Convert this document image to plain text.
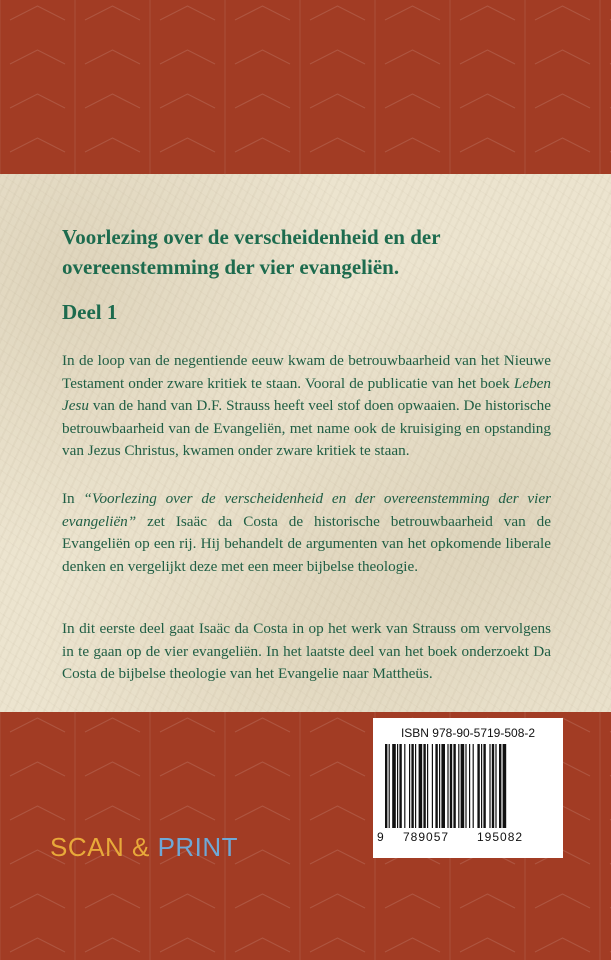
Voorlezing over de verscheidenheid en der overeenstemming der vier evangeliën.
Deel 1

In de loop van de negentiende eeuw kwam de betrouwbaarheid van het Nieuwe Testament onder zware kritiek te staan. Vooral de publicatie van het boek Leben Jesu van de hand van D.F. Strauss heeft veel stof doen opwaaien. De historische betrouwbaarheid van de Evangeliën, met name ook de kruisiging en opstanding van Jezus Christus, kwamen onder zware kritiek te staan.

In “Voorlezing over de verscheidenheid en der overeenstemming der vier evangeliën” zet Isaäc da Costa de historische betrouwbaarheid van de Evangeliën op een rij. Hij behandelt de argumenten van het opkomende liberale denken en vergelijkt deze met een meer bijbelse theologie.

In dit eerste deel gaat Isaäc da Costa in op het werk van Strauss om vervolgens in te gaan op de vier evangeliën. In het laatste deel van het boek onderzoekt Da Costa de bijbelse theologie van het Evangelie naar Mattheüs.

ISBN 978-90-5719-508-2
9 789057 195082
SCAN & PRINT
